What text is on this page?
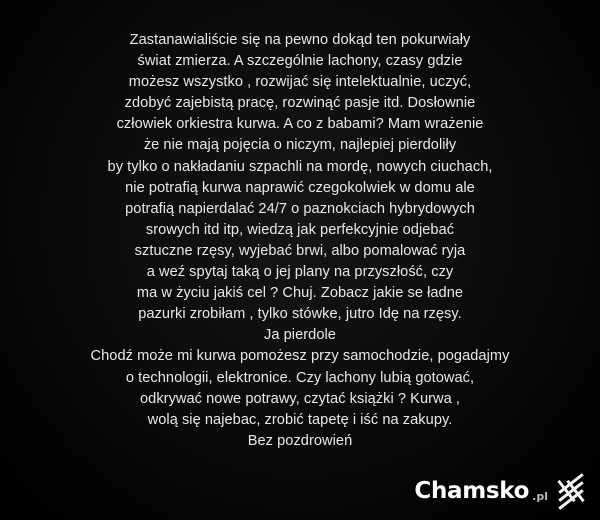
Zastanawialiście się na pewno dokąd ten pokurwiały
świat zmierza. A szczególnie lachony, czasy gdzie
możesz wszystko , rozwijać się intelektualnie, uczyć,
zdobyć zajebistą pracę, rozwinąć pasje itd. Dosłownie
człowiek orkiestra kurwa. A co z babami? Mam wrażenie
że nie mają pojęcia o niczym, najlepiej pierdoliły
by tylko o nakładaniu szpachli na mordę, nowych ciuchach,
nie potrafią kurwa naprawić czegokolwiek w domu ale
potrafią napierdalać 24/7 o paznokciach hybrydowych
srowych itd itp, wiedzą jak perfekcyjnie odjebać
sztuczne rzęsy, wyjebać brwi, albo pomalować ryja
a weź spytaj taką o jej plany na przyszłość, czy
ma w życiu jakiś cel ? Chuj. Zobacz jakie se ładne
pazurki zrobiłam , tylko stówke, jutro Idę na rzęsy.
Ja pierdole
Chodź może mi kurwa pomożesz przy samochodzie, pogadajmy
o technologii, elektronice. Czy lachony lubią gotować,
odkrywać nowe potrawy, czytać książki ? Kurwa ,
wolą się najebac, zrobić tapetę i iść na zakupy.
Bez pozdrowień
Chamsko .pl
